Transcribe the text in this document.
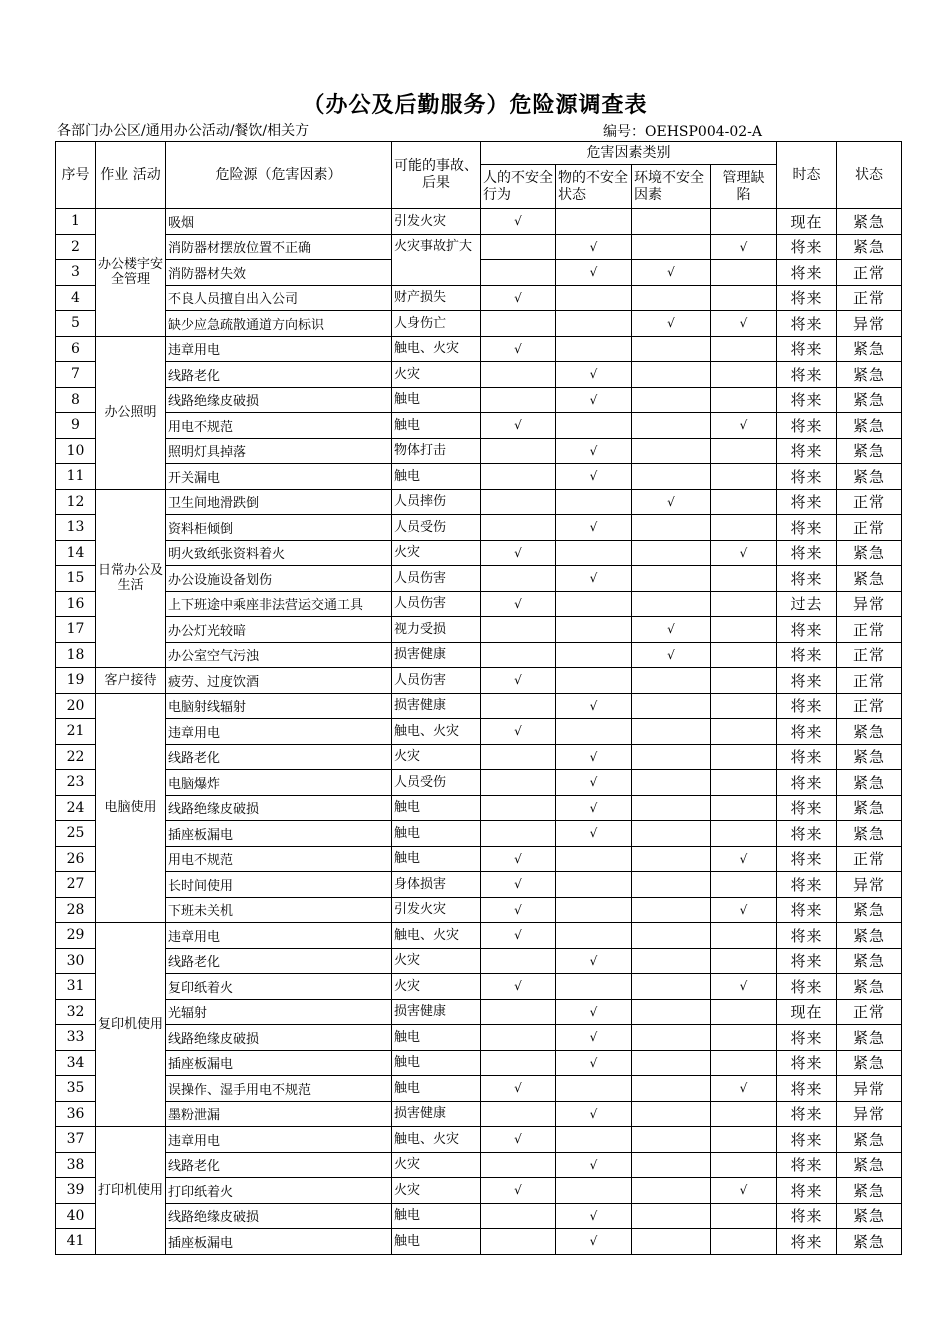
（办公及后勤服务）危险源调查表
各部门办公区/通用办公活动/餐饮/相关方	编号：OEHSP004-02-A
序号	作业 活动	危险源（危害因素）	可能的事故、后果	危害因素类别				时态	状态
				人的不安全行为	物的不安全状态	环境不安全因素	管理缺陷		
1	办公楼宇安全管理	吸烟	引发火灾	√				现在	紧急
2		消防器材摆放位置不正确	火灾事故扩大		√		√	将来	紧急
3		消防器材失效			√	√		将来	正常
4		不良人员擅自出入公司	财产损失	√				将来	正常
5		缺少应急疏散通道方向标识	人身伤亡			√	√	将来	异常
6	办公照明	违章用电	触电、火灾	√				将来	紧急
7		线路老化	火灾		√			将来	紧急
8		线路绝缘皮破损	触电		√			将来	紧急
9		用电不规范	触电	√			√	将来	紧急
10		照明灯具掉落	物体打击		√			将来	紧急
11		开关漏电	触电		√			将来	紧急
12	日常办公及生活	卫生间地滑跌倒	人员摔伤			√		将来	正常
13		资料柜倾倒	人员受伤		√			将来	正常
14		明火致纸张资料着火	火灾	√			√	将来	紧急
15		办公设施设备划伤	人员伤害		√			将来	紧急
16		上下班途中乘座非法营运交通工具	人员伤害	√				过去	异常
17		办公灯光较暗	视力受损			√		将来	正常
18		办公室空气污浊	损害健康			√		将来	正常
19	客户接待	疲劳、过度饮酒	人员伤害	√				将来	正常
20	电脑使用	电脑射线辐射	损害健康		√			将来	正常
21		违章用电	触电、火灾	√				将来	紧急
22		线路老化	火灾		√			将来	紧急
23		电脑爆炸	人员受伤		√			将来	紧急
24		线路绝缘皮破损	触电		√			将来	紧急
25		插座板漏电	触电		√			将来	紧急
26		用电不规范	触电	√			√	将来	正常
27		长时间使用	身体损害	√				将来	异常
28		下班未关机	引发火灾	√			√	将来	紧急
29	复印机使用	违章用电	触电、火灾	√				将来	紧急
30		线路老化	火灾		√			将来	紧急
31		复印纸着火	火灾	√			√	将来	紧急
32		光辐射	损害健康		√			现在	正常
33		线路绝缘皮破损	触电		√			将来	紧急
34		插座板漏电	触电		√			将来	紧急
35		误操作、湿手用电不规范	触电	√			√	将来	异常
36		墨粉泄漏	损害健康		√			将来	异常
37	打印机使用	违章用电	触电、火灾	√				将来	紧急
38		线路老化	火灾		√			将来	紧急
39		打印纸着火	火灾	√			√	将来	紧急
40		线路绝缘皮破损	触电		√			将来	紧急
41		插座板漏电	触电		√			将来	紧急
